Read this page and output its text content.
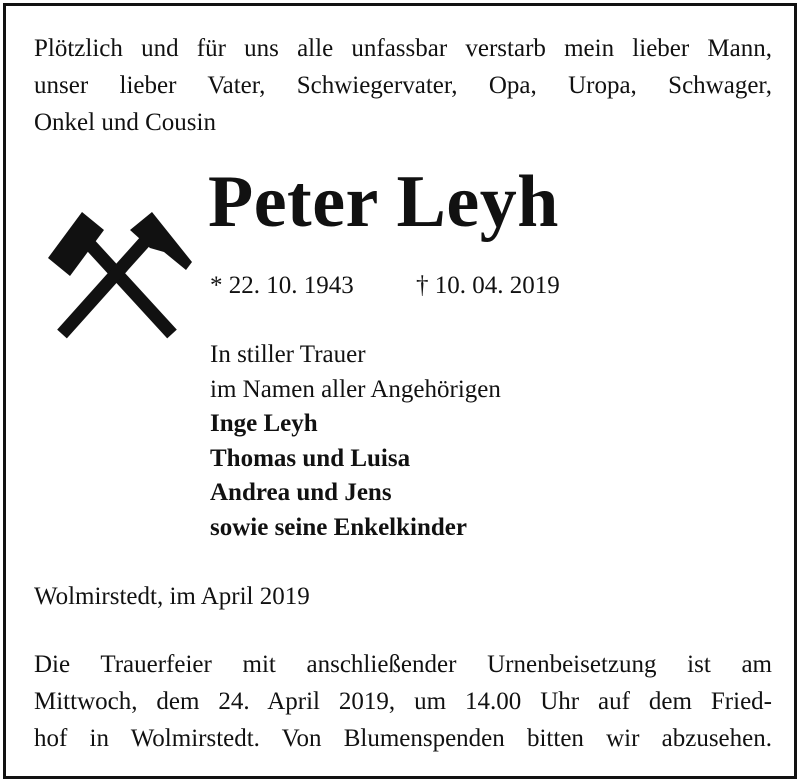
Plötzlich und für uns alle unfassbar verstarb mein lieber Mann,
unser lieber Vater, Schwiegervater, Opa, Uropa, Schwager,
Onkel und Cousin
Peter Leyh
* 22. 10. 1943 † 10. 04. 2019
In stiller Trauer
im Namen aller Angehörigen
Inge Leyh
Thomas und Luisa
Andrea und Jens
sowie seine Enkelkinder
Wolmirstedt, im April 2019
Die Trauerfeier mit anschließender Urnenbeisetzung ist am
Mittwoch, dem 24. April 2019, um 14.00 Uhr auf dem Fried-
hof in Wolmirstedt. Von Blumenspenden bitten wir abzusehen.
